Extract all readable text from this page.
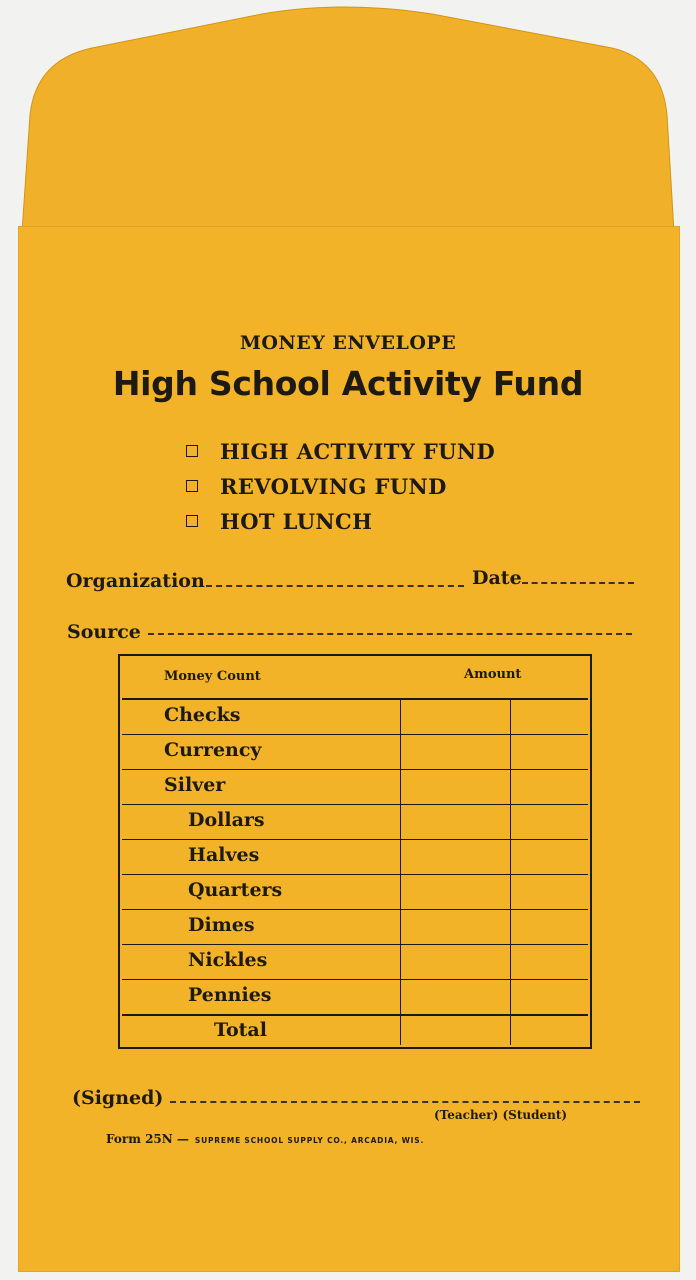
MONEY ENVELOPE
High School Activity Fund
HIGH ACTIVITY FUND
REVOLVING FUND
HOT LUNCH
Organization	Date
Source
Money Count	Amount
Checks
Currency
Silver
Dollars
Halves
Quarters
Dimes
Nickles
Pennies
Total
(Signed)
(Teacher) (Student)
Form 25N — SUPREME SCHOOL SUPPLY CO., ARCADIA, WIS.
